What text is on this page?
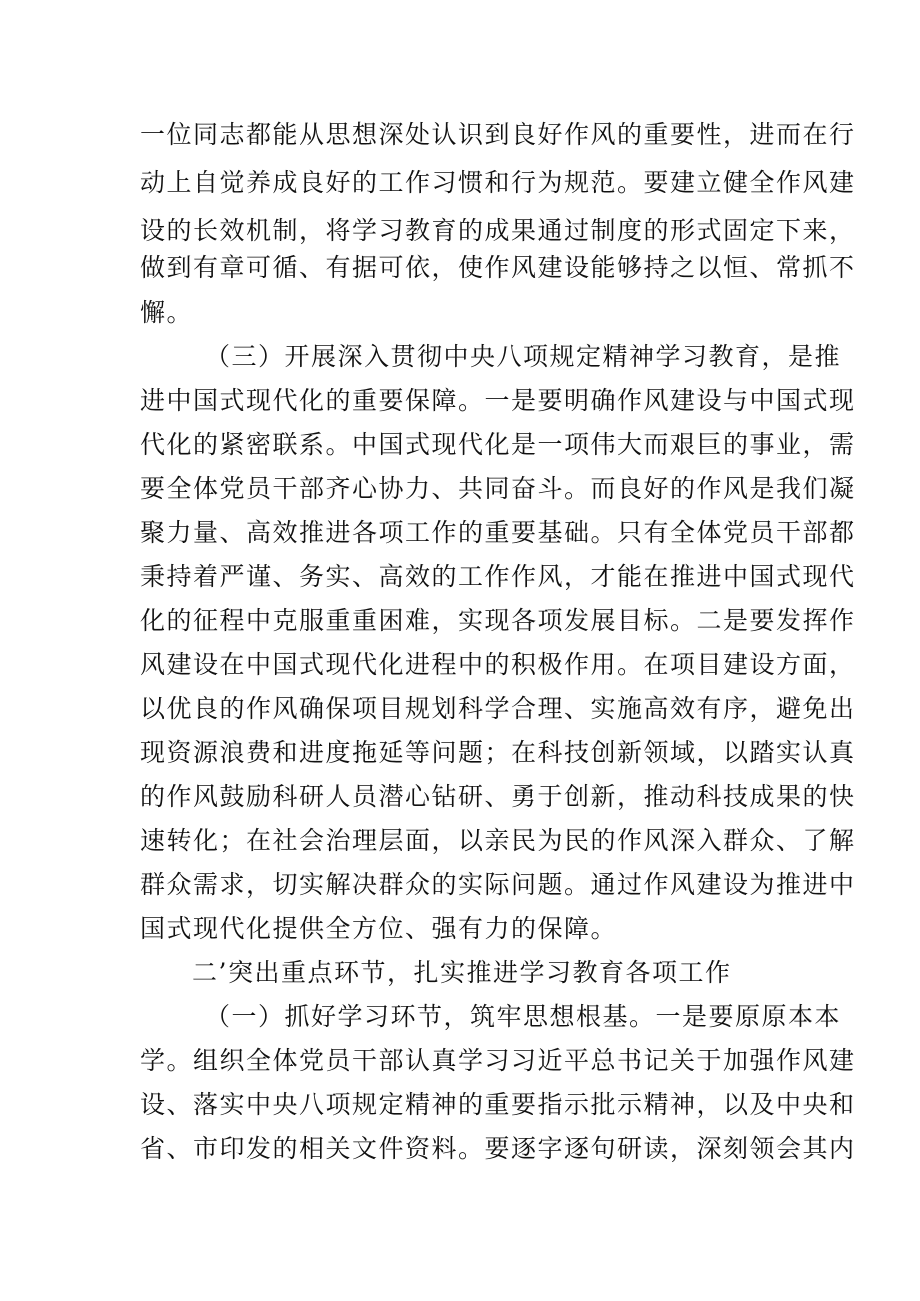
一位同志都能从思想深处认识到良好作风的重要性，进而在行
动上自觉养成良好的工作习惯和行为规范。要建立健全作风建
设的长效机制，将学习教育的成果通过制度的形式固定下来，
做到有章可循、有据可依，使作风建设能够持之以恒、常抓不
懈。
（三）开展深入贯彻中央八项规定精神学习教育，是推
进中国式现代化的重要保障。一是要明确作风建设与中国式现
代化的紧密联系。中国式现代化是一项伟大而艰巨的事业，需
要全体党员干部齐心协力、共同奋斗。而良好的作风是我们凝
聚力量、高效推进各项工作的重要基础。只有全体党员干部都
秉持着严谨、务实、高效的工作作风，才能在推进中国式现代
化的征程中克服重重困难，实现各项发展目标。二是要发挥作
风建设在中国式现代化进程中的积极作用。在项目建设方面，
以优良的作风确保项目规划科学合理、实施高效有序，避免出
现资源浪费和进度拖延等问题；在科技创新领域，以踏实认真
的作风鼓励科研人员潜心钻研、勇于创新，推动科技成果的快
速转化；在社会治理层面，以亲民为民的作风深入群众、了解
群众需求，切实解决群众的实际问题。通过作风建设为推进中
国式现代化提供全方位、强有力的保障。
二’突出重点环节，扎实推进学习教育各项工作
（一）抓好学习环节，筑牢思想根基。一是要原原本本
学。组织全体党员干部认真学习习近平总书记关于加强作风建
设、落实中央八项规定精神的重要指示批示精神，以及中央和
省、市印发的相关文件资料。要逐字逐句研读，深刻领会其内
